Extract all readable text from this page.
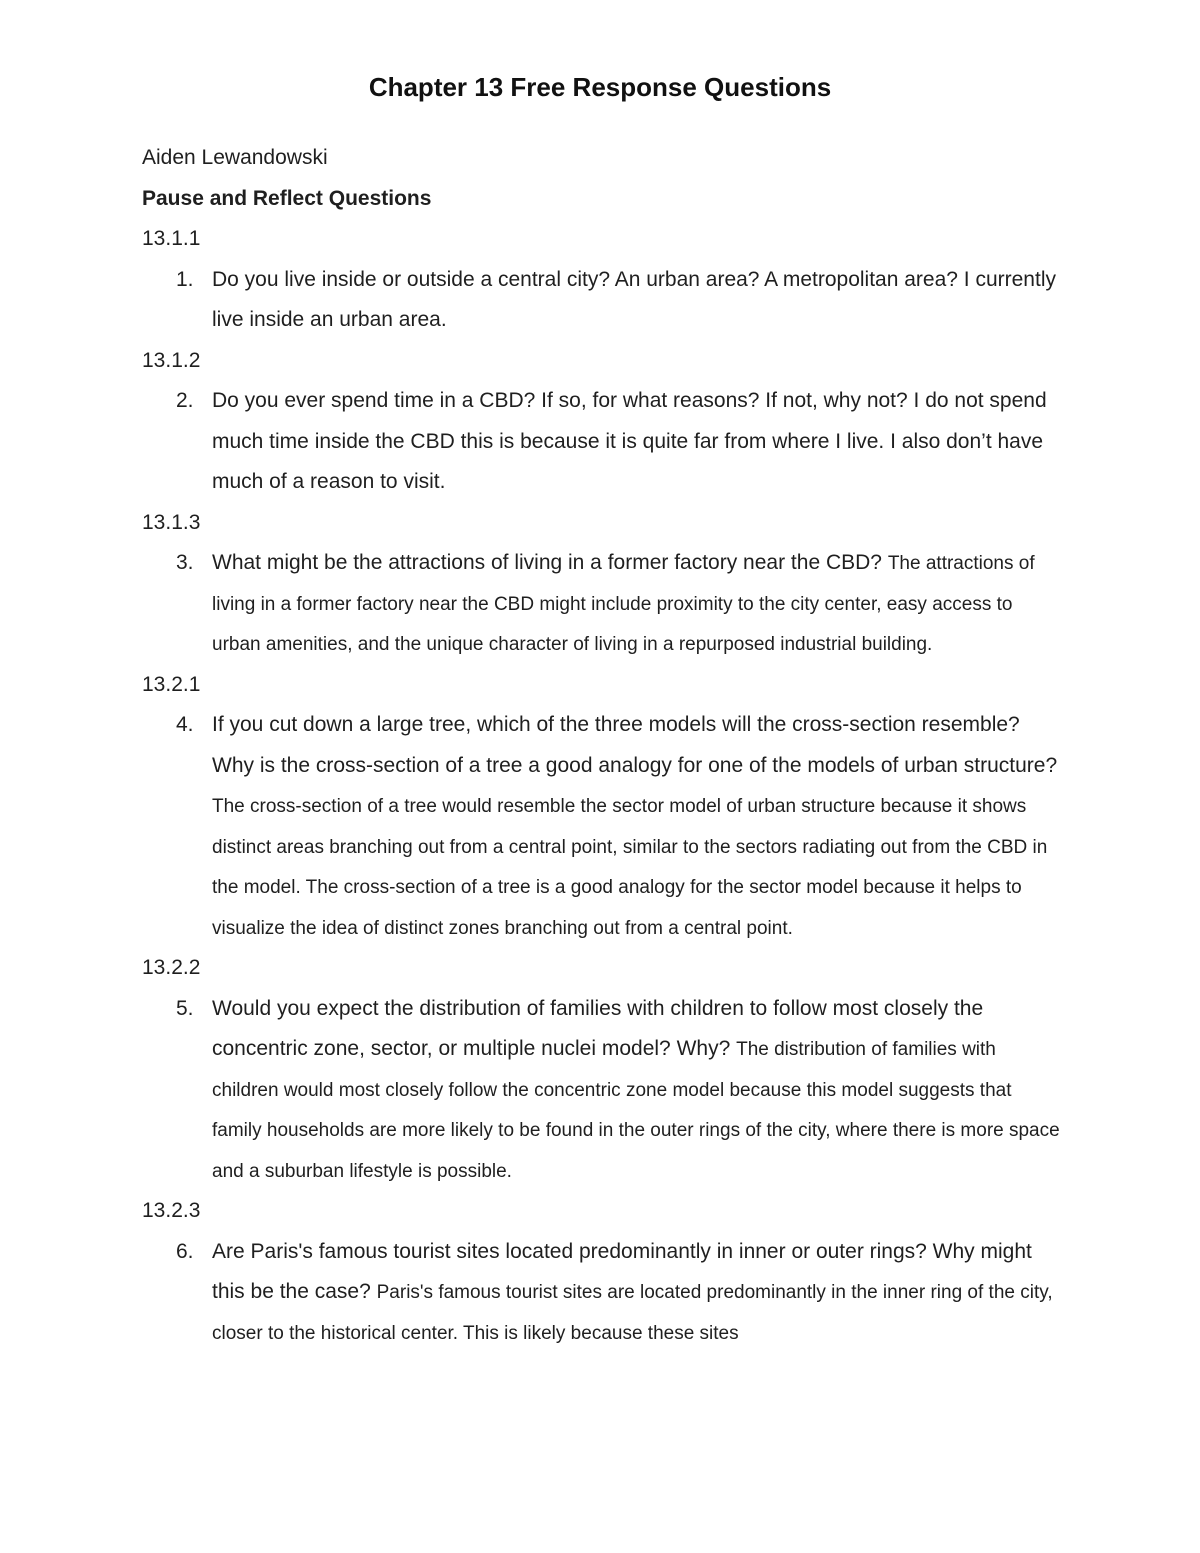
Chapter 13 Free Response Questions

Aiden Lewandowski

Pause and Reflect Questions

13.1.1

1. Do you live inside or outside a central city? An urban area? A metropolitan area? I currently live inside an urban area.

13.1.2

2. Do you ever spend time in a CBD? If so, for what reasons? If not, why not? I do not spend much time inside the CBD this is because it is quite far from where I live. I also don’t have much of a reason to visit.

13.1.3

3. What might be the attractions of living in a former factory near the CBD? The attractions of living in a former factory near the CBD might include proximity to the city center, easy access to urban amenities, and the unique character of living in a repurposed industrial building.

13.2.1

4. If you cut down a large tree, which of the three models will the cross-section resemble? Why is the cross-section of a tree a good analogy for one of the models of urban structure? The cross-section of a tree would resemble the sector model of urban structure because it shows distinct areas branching out from a central point, similar to the sectors radiating out from the CBD in the model. The cross-section of a tree is a good analogy for the sector model because it helps to visualize the idea of distinct zones branching out from a central point.

13.2.2

5. Would you expect the distribution of families with children to follow most closely the concentric zone, sector, or multiple nuclei model? Why? The distribution of families with children would most closely follow the concentric zone model because this model suggests that family households are more likely to be found in the outer rings of the city, where there is more space and a suburban lifestyle is possible.

13.2.3

6. Are Paris's famous tourist sites located predominantly in inner or outer rings? Why might this be the case? Paris's famous tourist sites are located predominantly in the inner ring of the city, closer to the historical center. This is likely because these sites
